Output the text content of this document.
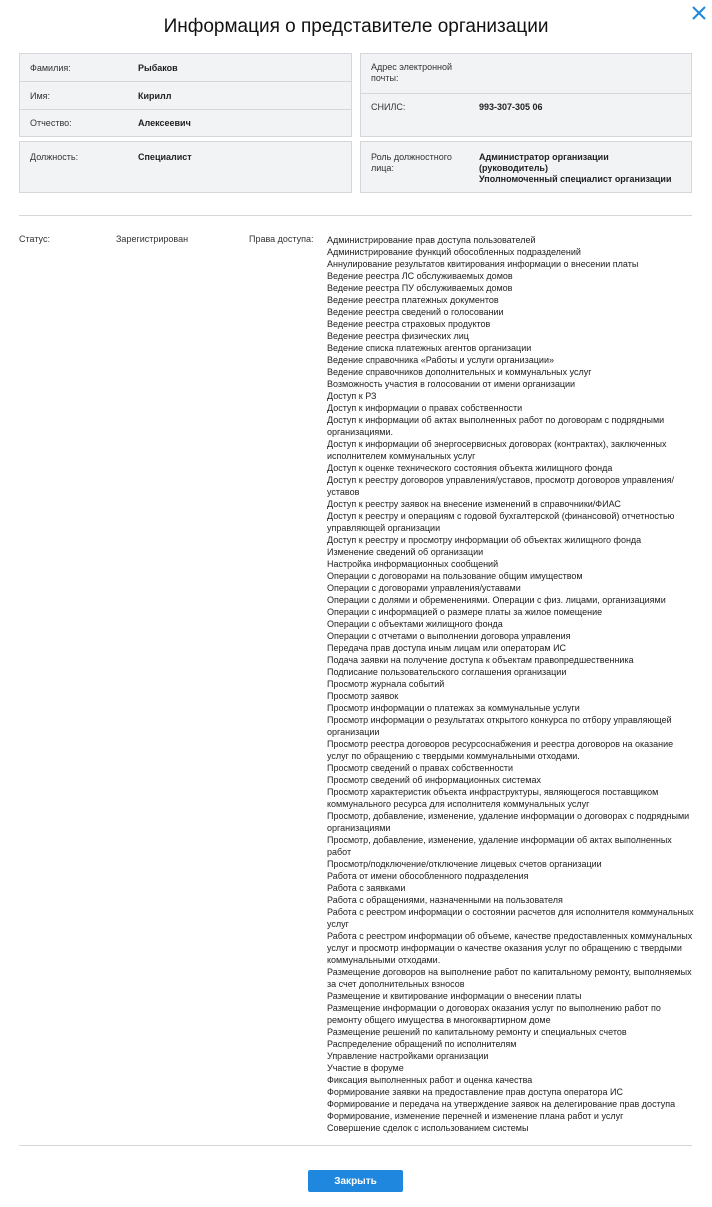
Информация о представителе организации
Фамилия:	Рыбаков
Имя:	Кирилл
Отчество:	Алексеевич
Адрес электронной почты:
СНИЛС:	993-307-305 06
Должность:	Специалист	Роль должностного лица:
Администратор организации (руководитель)
Уполномоченный специалист организации
Статус:	Зарегистрирован	Права доступа: Администрирование прав доступа пользователей
Администрирование функций обособленных подразделений
Аннулирование результатов квитирования информации о внесении платы
Ведение реестра ЛС обслуживаемых домов
Ведение реестра ПУ обслуживаемых домов
Ведение реестра платежных документов
Ведение реестра сведений о голосовании
Ведение реестра страховых продуктов
Ведение реестра физических лиц
Ведение списка платежных агентов организации
Ведение справочника «Работы и услуги организации»
Ведение справочников дополнительных и коммунальных услуг
Возможность участия в голосовании от имени организации
Доступ к РЗ
Доступ к информации о правах собственности
Доступ к информации об актах выполненных работ по договорам с подрядными организациями.
Доступ к информации об энергосервисных договорах (контрактах), заключенных исполнителем коммунальных услуг
Доступ к оценке технического состояния объекта жилищного фонда
Доступ к реестру договоров управления/уставов, просмотр договоров управления/уставов
Доступ к реестру заявок на внесение изменений в справочники/ФИАС
Доступ к реестру и операциям с годовой бухгалтерской (финансовой) отчетностью управляющей организации
Доступ к реестру и просмотру информации об объектах жилищного фонда
Изменение сведений об организации
Настройка информационных сообщений
Операции с договорами на пользование общим имуществом
Операции с договорами управления/уставами
Операции с долями и обременениями. Операции с физ. лицами, организациями
Операции с информацией о размере платы за жилое помещение
Операции с объектами жилищного фонда
Операции с отчетами о выполнении договора управления
Передача прав доступа иным лицам или операторам ИС
Подача заявки на получение доступа к объектам правопредшественника
Подписание пользовательского соглашения организации
Просмотр журнала событий
Просмотр заявок
Просмотр информации о платежах за коммунальные услуги
Просмотр информации о результатах открытого конкурса по отбору управляющей организации
Просмотр реестра договоров ресурсоснабжения и реестра договоров на оказание услуг по обращению с твердыми коммунальными отходами.
Просмотр сведений о правах собственности
Просмотр сведений об информационных системах
Просмотр характеристик объекта инфраструктуры, являющегося поставщиком коммунального ресурса для исполнителя коммунальных услуг
Просмотр, добавление, изменение, удаление информации о договорах с подрядными организациями
Просмотр, добавление, изменение, удаление информации об актах выполненных работ
Просмотр/подключение/отключение лицевых счетов организации
Работа от имени обособленного подразделения
Работа с заявками
Работа с обращениями, назначенными на пользователя
Работа с реестром информации о состоянии расчетов для исполнителя коммунальных услуг
Работа с реестром информации об объеме, качестве предоставленных коммунальных услуг и просмотр информации о качестве оказания услуг по обращению с твердыми коммунальными отходами.
Размещение договоров на выполнение работ по капитальному ремонту, выполняемых за счет дополнительных взносов
Размещение и квитирование информации о внесении платы
Размещение информации о договорах оказания услуг по выполнению работ по ремонту общего имущества в многоквартирном доме
Размещение решений по капитальному ремонту и специальных счетов
Распределение обращений по исполнителям
Управление настройками организации
Участие в форуме
Фиксация выполненных работ и оценка качества
Формирование заявки на предоставление прав доступа оператора ИС
Формирование и передача на утверждение заявок на делегирование прав доступа
Формирование, изменение перечней и изменение плана работ и услуг
Совершение сделок с использованием системы
Закрыть
